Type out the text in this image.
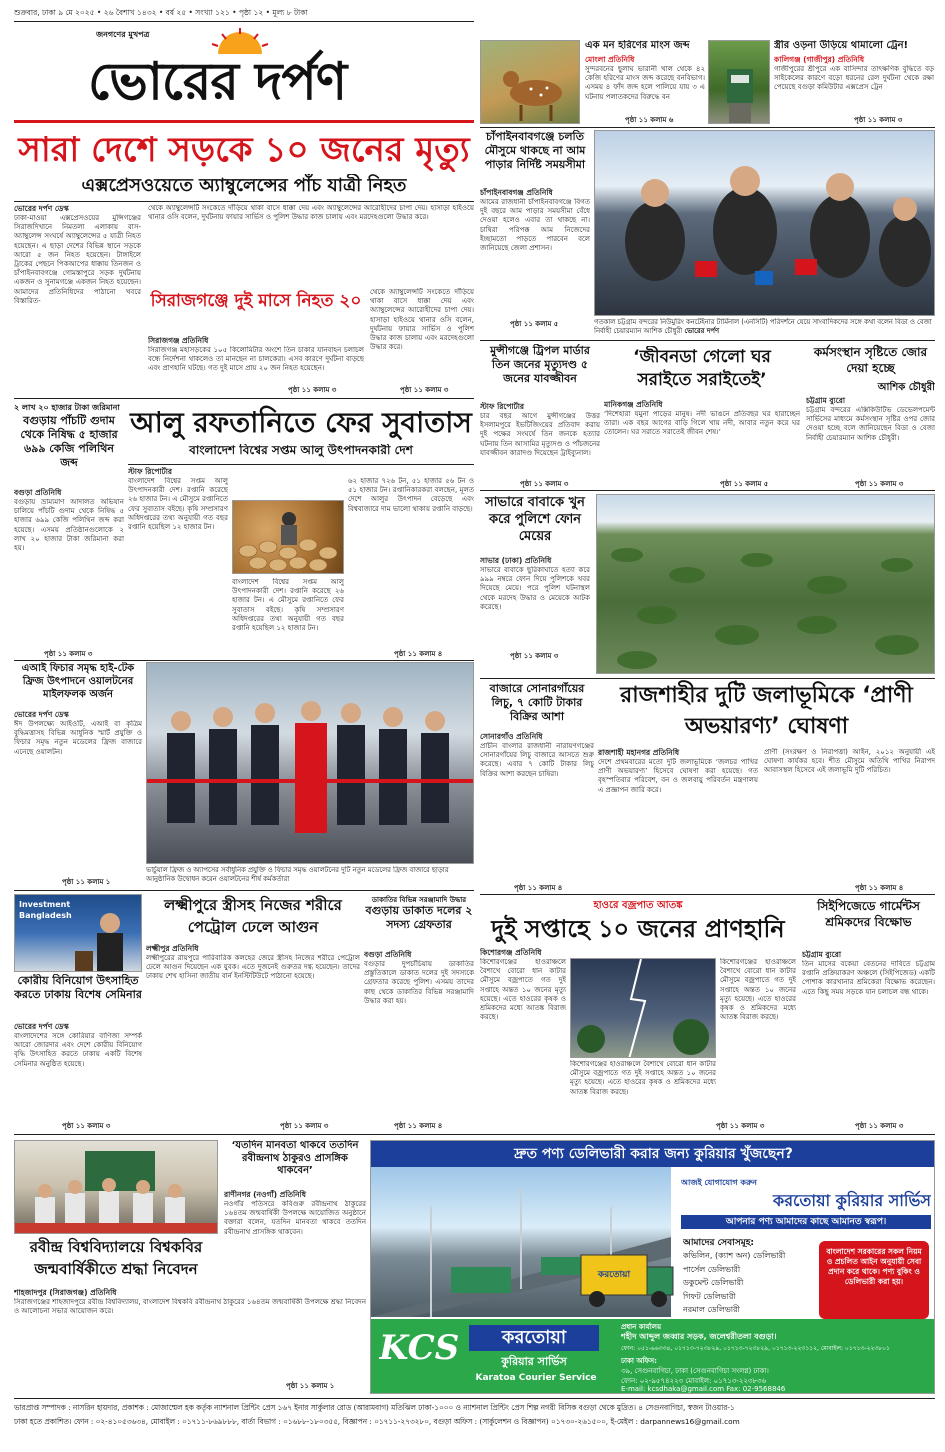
শুক্রবার, ঢাকা ৯ মে ২০২৫ • ২৬ বৈশাখ ১৪৩২ • বর্ষ ২৫ • সংখ্যা ১২১ • পৃষ্ঠা ১২ • মূল্য ৮ টাকা
জনগণের মুখপত্র
ভোরের দর্পণ
এক মন হরিণের মাংস জব্দ
মোংলা প্রতিনিধি
সুন্দরবনের ছুলাঘ ভারানী খাল থেকে ৪২ কেজি হরিণের মাংস জব্দ করেছে বনবিভাগ। এসময় ৪ ফাঁদ জব্দ হলে পালিয়ে যায় ৩ এ ঘটনায় পলাতকদের বিরুদ্ধে বন
পৃষ্ঠা ১১ কলাম ৬
স্ত্রীর ওড়না উড়িয়ে থামালো ট্রেন!
কালিগঞ্জ (গাজীপুর) প্রতিনিধি
গাজীপুরের শ্রীপুরে এক বাসিন্দার তাৎক্ষণিক বুদ্ধিতে বড় সাইকেলের কারণে বড়ো ধরনের রেল দুর্ঘটনা থেকে রক্ষা পেয়েছে বগুড়া কমিউটার এক্সপ্রেস ট্রেন
পৃষ্ঠা ১১ কলাম ৩
সারা দেশে সড়কে ১০ জনের মৃত্যু
এক্সপ্রেসওয়েতে অ্যাম্বুলেন্সের পাঁচ যাত্রী নিহত
ভোরের দর্পণ ডেস্ক
ঢাকা-মাওয়া এক্সপ্রেসওয়ের মুন্সিগঞ্জের সিরাজদিখানে নিমতলা এলাকায় বাস-অ্যাম্বুলেন্স সংঘর্ষে অ্যাম্বুলেন্সের ৫ যাত্রী নিহত হয়েছেন। এ ছাড়া দেশের বিভিন্ন স্থানে সড়কে আরো ৫ জন নিহত হয়েছেন। টাঙ্গাইলে ট্রাকের পেছনে পিকআপের ধাক্কায় তিনজন ও চাঁপাইনবাবগঞ্জে গোমস্তাপুরে সড়ক দুর্ঘটনায় একজন ও সুনামগঞ্জে একজন নিহত হয়েছেন। আমাদের প্রতিনিধিদের পাঠানো খবরে বিস্তারিত-
থেকে অ্যাম্বুলেন্সটি সংকেতে দাঁড়িয়ে থাকা বাসে ধাক্কা দেয় এবং অ্যাম্বুলেন্সের আরোহীদের চাপা দেয়। হাসাড়া হাইওয়ে থানার ওসি বলেন, দুর্ঘটনায় ফায়ার সার্ভিস ও পুলিশ উদ্ধার কাজ চালায় এবং মরদেহগুলো উদ্ধার করে।
থেকে অ্যাম্বুলেন্সটি সংকেতে দাঁড়িয়ে থাকা বাসে ধাক্কা দেয় এবং অ্যাম্বুলেন্সের আরোহীদের চাপা দেয়। হাসাড়া হাইওয়ে থানার ওসি বলেন, দুর্ঘটনায় ফায়ার সার্ভিস ও পুলিশ উদ্ধার কাজ চালায় এবং মরদেহগুলো উদ্ধার করে।
পৃষ্ঠা ১১ কলাম ৩
সিরাজগঞ্জে দুই মাসে নিহত ২০
সিরাজগঞ্জ প্রতিনিধি
সিরাজগঞ্জ মহাসড়কের ১০৫ কিলোমিটার অংশে তিন চাকার যানবাহন চলাচল বন্ধে নির্দেশনা থাকলেও তা মানছেন না চালকেরা। এসব কারণে দুর্ঘটনা বাড়ছে এবং প্রাণহানি ঘটছে। গত দুই মাসে প্রায় ২০ জন নিহত হয়েছেন।
পৃষ্ঠা ১১ কলাম ৩
চাঁপাইনবাবগঞ্জে চলতি মৌসুমে থাকছে না আম পাড়ার নির্দিষ্ট সময়সীমা
চাঁপাইনবাবগঞ্জ প্রতিনিধি
আমের রাজধানী চাঁপাইনবাবগঞ্জে বিগত দুই বছরে আম পাড়ার সময়সীমা বেঁধে দেওয়া হলেও এবার তা থাকছে না। চাষিরা পরিপক্ক আম নিজেদের ইচ্ছামতো পাড়তে পারবেন বলে জানিয়েছে জেলা প্রশাসন।
পৃষ্ঠা ১১ কলাম ৫	গতকাল চট্টগ্রাম বন্দরের নিউমুরিং কনটেইনার টার্মিনাল (এনসিটি) পরিদর্শনে যেয়ে সাংবাদিকদের সঙ্গে কথা বলেন বিডা ও বেজা নির্বাহী চেয়ারম্যান আশিক চৌধুরী ভোরের দর্পণ
মুন্সীগঞ্জে ট্রিপল মার্ডার তিন জনের মৃত্যুদণ্ড ৫ জনের যাবজ্জীবন
স্টাফ রিপোর্টার
চার বছর আগে মুন্সীগঞ্জের উত্তর ইসলামপুরে ইভটিজিংয়ের প্রতিবাদ করায় দুই পক্ষের সংঘর্ষে তিন জনকে হত্যার ঘটনায় তিন আসামির মৃত্যুদণ্ড ও পাঁচজনের যাবজ্জীবন কারাদণ্ড দিয়েছেন ট্রাইব্যুনাল।
পৃষ্ঠা ১১ কলাম ৩
‘জীবনডা গেলো ঘর সরাইতে সরাইতেই’
মানিকগঞ্জ প্রতিনিধি
‘দিশেহারা যমুনা পাড়ের মানুষ। নদী ভাঙনে প্রতিবছর ঘর হারাচ্ছেন তারা। এক বছর আগের বাড়ি গিলে খায় নদী, আবার নতুন করে ঘর তোলেন। ঘর সরাতে সরাতেই জীবন শেষ।’
পৃষ্ঠা ১১ কলাম ৫
কর্মসংস্থান সৃষ্টিতে জোর দেয়া হচ্ছে
আশিক চৌধুরী
চট্টগ্রাম ব্যুরো
চট্টগ্রাম বন্দরের এক্সিকিউটিভ ডেভেলপমেন্ট সার্ভিসের মাধ্যমে কর্মসংস্থান সৃষ্টির ওপর জোর দেওয়া হচ্ছে বলে জানিয়েছেন বিডা ও বেজা নির্বাহী চেয়ারম্যান আশিক চৌধুরী।
পৃষ্ঠা ১১ কলাম ৩
২ লাখ ২০ হাজার টাকা জরিমানা
বগুড়ায় পাঁচটি গুদাম থেকে নিষিদ্ধ ৫ হাজার ৬৯৯ কেজি পলিথিন জব্দ
বগুড়া প্রতিনিধি
বগুড়ায় ভ্রাম্যমাণ আদালত অভিযান চালিয়ে পাঁচটি গুদাম থেকে নিষিদ্ধ ৫ হাজার ৬৯৯ কেজি পলিথিন জব্দ করা হয়েছে। এসময় প্রতিষ্ঠানগুলোকে ২ লাখ ২০ হাজার টাকা জরিমানা করা হয়।
পৃষ্ঠা ১১ কলাম ৩
আলু রফতানিতে ফের সুবাতাস
বাংলাদেশ বিশ্বের সপ্তম আলু উৎপাদনকারী দেশ
স্টাফ রিপোর্টার
বাংলাদেশ বিশ্বের সপ্তম আলু উৎপাদনকারী দেশ। রপ্তানি করেছে ২৬ হাজার টন। এ মৌসুমে রপ্তানিতে ফের সুবাতাস বইছে। কৃষি সম্প্রসারণ অধিদপ্তরের তথ্য অনুযায়ী গত বছর রপ্তানি হয়েছিল ১২ হাজার টন।
বাংলাদেশ বিশ্বের সপ্তম আলু উৎপাদনকারী দেশ। রপ্তানি করেছে ২৬ হাজার টন। এ মৌসুমে রপ্তানিতে ফের সুবাতাস বইছে। কৃষি সম্প্রসারণ অধিদপ্তরের তথ্য অনুযায়ী গত বছর রপ্তানি হয়েছিল ১২ হাজার টন।
৬২ হাজার ৭২৬ টন, ৫১ হাজার ৫৬ টন ও ৫১ হাজার টন। রপ্তানিকারকরা বলছেন, মূলত দেশে আলুর উৎপাদন বেড়েছে এবং বিশ্ববাজারে দাম ভালো থাকায় রপ্তানি বাড়ছে।
পৃষ্ঠা ১১ কলাম ৪
সাভারে বাবাকে খুন করে পুলিশে ফোন মেয়ের
সাভার (ঢাকা) প্রতিনিধি
সাভারে বাবাকে ছুরিকাঘাতে হত্যা করে ৯৯৯ নম্বরে ফোন দিয়ে পুলিশকে খবর দিয়েছে মেয়ে। পরে পুলিশ ঘটনাস্থল থেকে মরদেহ উদ্ধার ও মেয়েকে আটক করেছে।
পৃষ্ঠা ১১ কলাম ৩
এআই ফিচার সমৃদ্ধ হাই-টেক ফ্রিজ উৎপাদনে ওয়ালটনের মাইলফলক অর্জন
ভোরের দর্পণ ডেস্ক
ঈদ উপলক্ষ্যে আইওটি, এআই বা কৃত্রিম বুদ্ধিমত্তাসহ বিভিন্ন আধুনিক স্মার্ট প্রযুক্তি ও ফিচার সমৃদ্ধ নতুন মডেলের ফ্রিজ বাজারে এনেছে ওয়ালটন।
পৃষ্ঠা ১১ কলাম ১
ভার্চুয়াল ফ্রিজ ও অ্যাপসের সর্বাধুনিক প্রযুক্তি ও ফিচার সমৃদ্ধ ওয়ালটনের দুটি নতুন মডেলের ফ্রিজ বাজারে ছাড়ার আনুষ্ঠানিক উদ্বোধন করেন ওয়ালটনের শীর্ষ কর্মকর্তারা
বাজারে সোনারগাঁয়ের লিচু, ৭ কোটি টাকার বিক্রির আশা
সোনারগাঁও প্রতিনিধি
প্রাচীন বাংলার রাজধানী নারায়ণগঞ্জের সোনারগাঁয়ের লিচু বাজারে আসতে শুরু করেছে। এবার ৭ কোটি টাকার লিচু বিক্রির আশা করছেন চাষিরা।
পৃষ্ঠা ১১ কলাম ৪
রাজশাহীর দুটি জলাভূমিকে ‘প্রাণী অভয়ারণ্য’ ঘোষণা
রাজশাহী মহানগর প্রতিনিধি
দেশে প্রথমবারের মতো দুটি জলাভূমিকে ‘জলচর পাখির প্রাণী অভয়ারণ্য’ হিসেবে ঘোষণা করা হয়েছে। গত বৃহস্পতিবার পরিবেশ, বন ও জলবায়ু পরিবর্তন মন্ত্রণালয় এ প্রজ্ঞাপন জারি করে।
প্রাণী (সংরক্ষণ ও নিরাপত্তা) আইন, ২০১২ অনুযায়ী এই ঘোষণা কার্যকর হবে। শীত মৌসুমে অতিথি পাখির নিরাপদ আবাসস্থল হিসেবে এই জলাভূমি দুটি পরিচিত।
পৃষ্ঠা ১১ কলাম ৪
Investment Bangladesh
কোরীয় বিনিয়োগ উৎসাহিত করতে ঢাকায় বিশেষ সেমিনার
ভোরের দর্পণ ডেস্ক
বাংলাদেশের সঙ্গে কোরিয়ার বাণিজ্য সম্পর্ক আরো জোরদার এবং দেশে কোরীয় বিনিয়োগ বৃদ্ধি উৎসাহিত করতে ঢাকায় একটি বিশেষ সেমিনার অনুষ্ঠিত হয়েছে।
পৃষ্ঠা ১১ কলাম ৩
লক্ষ্মীপুরে স্ত্রীসহ নিজের শরীরে পেট্রোল ঢেলে আগুন
লক্ষ্মীপুর প্রতিনিধি
লক্ষ্মীপুরের রায়পুরে পারিবারিক কলহের জেরে স্ত্রীসহ নিজের শরীরে পেট্রোল ঢেলে আগুন দিয়েছেন এক যুবক। এতে দুজনেই গুরুতর দগ্ধ হয়েছেন। তাদের ঢাকায় শেখ হাসিনা জাতীয় বার্ন ইনস্টিটিউটে পাঠানো হয়েছে।
পৃষ্ঠা ১১ কলাম ৩
ডাকাতির বিভিন্ন সরঞ্জামাদি উদ্ধার
বগুড়ায় ডাকাত দলের ২ সদস্য গ্রেফতার
বগুড়া প্রতিনিধি
বগুড়ার দুপচাঁচিয়ায় ডাকাতির প্রস্তুতিকালে ডাকাত দলের দুই সদস্যকে গ্রেফতার করেছে পুলিশ। এসময় তাদের কাছ থেকে ডাকাতির বিভিন্ন সরঞ্জামাদি উদ্ধার করা হয়।
পৃষ্ঠা ১১ কলাম ৪
হাওরে বজ্রপাত আতঙ্ক
দুই সপ্তাহে ১০ জনের প্রাণহানি
কিশোরগঞ্জ প্রতিনিধি
কিশোরগঞ্জের হাওরাঞ্চলে বৈশাখে বোরো ধান কাটার মৌসুমে বজ্রপাতে গত দুই সপ্তাহে অন্তত ১০ জনের মৃত্যু হয়েছে। এতে হাওরের কৃষক ও শ্রমিকদের মধ্যে আতঙ্ক বিরাজ করছে।
কিশোরগঞ্জের হাওরাঞ্চলে বৈশাখে বোরো ধান কাটার মৌসুমে বজ্রপাতে গত দুই সপ্তাহে অন্তত ১০ জনের মৃত্যু হয়েছে। এতে হাওরের কৃষক ও শ্রমিকদের মধ্যে আতঙ্ক বিরাজ করছে।
কিশোরগঞ্জের হাওরাঞ্চলে বৈশাখে বোরো ধান কাটার মৌসুমে বজ্রপাতে গত দুই সপ্তাহে অন্তত ১০ জনের মৃত্যু হয়েছে। এতে হাওরের কৃষক ও শ্রমিকদের মধ্যে আতঙ্ক বিরাজ করছে।
পৃষ্ঠা ১১ কলাম ৩
সিইপিজেডে গার্মেন্টস শ্রমিকদের বিক্ষোভ
চট্টগ্রাম ব্যুরো
তিন মাসের বকেয়া বেতনের দাবিতে চট্টগ্রাম রপ্তানি প্রক্রিয়াকরণ অঞ্চলে (সিইপিজেড) একটি পোশাক কারখানার শ্রমিকেরা বিক্ষোভ করেছেন। এতে কিছু সময় সড়কে যান চলাচল বন্ধ থাকে।
পৃষ্ঠা ১১ কলাম ৩
রবীন্দ্র বিশ্ববিদ্যালয়ে বিশ্বকবির জন্মবার্ষিকীতে শ্রদ্ধা নিবেদন
শাহজাদপুর (সিরাজগঞ্জ) প্রতিনিধি
সিরাজগঞ্জের শাহজাদপুরে রবীন্দ্র বিশ্ববিদ্যালয়, বাংলাদেশ বিশ্বকবি রবীন্দ্রনাথ ঠাকুরের ১৬৪তম জন্মবার্ষিকী উপলক্ষে শ্রদ্ধা নিবেদন ও আলোচনা সভার আয়োজন করে।
পৃষ্ঠা ১১ কলাম ১
‘যতদিন মানবতা থাকবে ততদিন রবীন্দ্রনাথ ঠাকুরও প্রাসঙ্গিক থাকবেন’
রাণীনগর (নওগাঁ) প্রতিনিধি
নওগাঁর পতিসরে কবিগুরু রবীন্দ্রনাথ ঠাকুরের ১৬৪তম জন্মবার্ষিকী উপলক্ষে আয়োজিত অনুষ্ঠানে বক্তারা বলেন, যতদিন মানবতা থাকবে ততদিন রবীন্দ্রনাথ প্রাসঙ্গিক থাকবেন।
দ্রুত পণ্য ডেলিভারী করার জন্য কুরিয়ার খুঁজছেন?
আজই যোগাযোগ করুন
করতোয়া কুরিয়ার সার্ভিস
আপনার পণ্য আমাদের কাছে আমানত স্বরূপ।
আমাদের সেবাসমূহ:
কভিলিন, (ক্যাশ অন) ডেলিভারী
পার্সেল ডেলিভারী
ডকুমেন্ট ডেলিভারী
গিফট ডেলিভারী
নরমাল ডেলিভারী
বাংলাদেশ সরকারের সকল নিয়ম ও প্রচলিত আইন অনুযায়ী সেবা প্রদান করে থাকে। পণ্য বুকিং ও ডেলিভারী করা হয়।
করতোয়া
KCS	করতোয়া
কুরিয়ার সার্ভিস
Karatoa Courier Service
প্রধান কার্যালয়
শহীদ আব্দুল জব্বার সড়ক, জলেশ্বরীতলা বগুড়া।
ফোন: ০৫১-৬৬৩৩৪, ০১৭১৩-৭২৩৮২৯, ০১৭১৩-৭২৩৮২৯, ০১৭১৩-২২৩১১২, মোবাইল: ০১৭১৩-২২৩৮০১
ঢাকা অফিস:
৩৯, সেগুনবাগিচা, ঢাকা (সেগুনবাগিচা সংলগ্ন) ঢাকা।
ফোন: ০২-৯৫৭৪২২৩ মোবাইল: ০১৭১৩-২২৩৮৩৬
E-mail: kcsdhaka@gmail.com Fax: 02-9568846
ভারপ্রাপ্ত সম্পাদক : নাসরিন হায়দার, প্রকাশক : মোজাম্মেল হক কর্তৃক ন্যাশনাল প্রিন্টিং প্রেস ১৬৭ ইনার সার্কুলার রোড (আরামবাগ) মতিঝিল ঢাকা-১০০০ ও ন্যাশনাল প্রিন্টিং প্রেস শিল্প নগরী বিসিক বগুড়া থেকে মুদ্রিত। ৪ সেগুনবাগিচা, স্বজন টাওয়ার-১
ঢাকা হতে প্রকাশিত। ফোন : ০২-৪১০৫৩৬৩৪, মোবাইল : ০১৭১১-৮৬৯৮৮৮, বার্তা বিভাগ : ০১৬৮৮-১৮০৩৫৫, বিজ্ঞাপন : ০১৭১১-২৭৩২৮০, বগুড়া অফিস : (সার্কুলেশন ও বিজ্ঞাপন) ০১৭৩০-২৬১৫০০, ই-মেইল : darpannews16@gmail.com
